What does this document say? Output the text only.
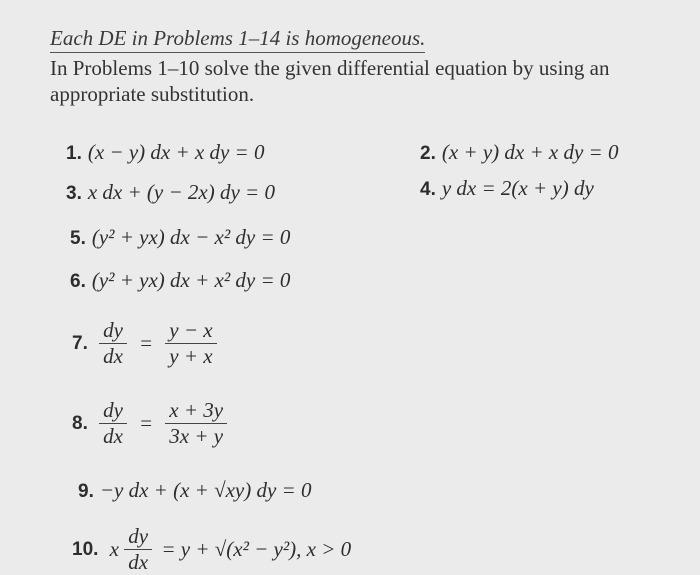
Each DE in Problems 1–14 is homogeneous.
In Problems 1–10 solve the given differential equation by using an appropriate substitution.
1. (x − y) dx + x dy = 0	2. (x + y) dx + x dy = 0
3. x dx + (y − 2x) dy = 0	4. y dx = 2(x + y) dy
5. (y² + yx) dx − x² dy = 0
6. (y² + yx) dx + x² dy = 0
7. $\frac{dy}{dx} = \frac{y - x}{y + x}$
8. $\frac{dy}{dx} = \frac{x + 3y}{3x + y}$
9. −y dx + (x + √xy) dy = 0
10. x $\frac{dy}{dx} = y + √(x^2 - y^2)$, x > 0
